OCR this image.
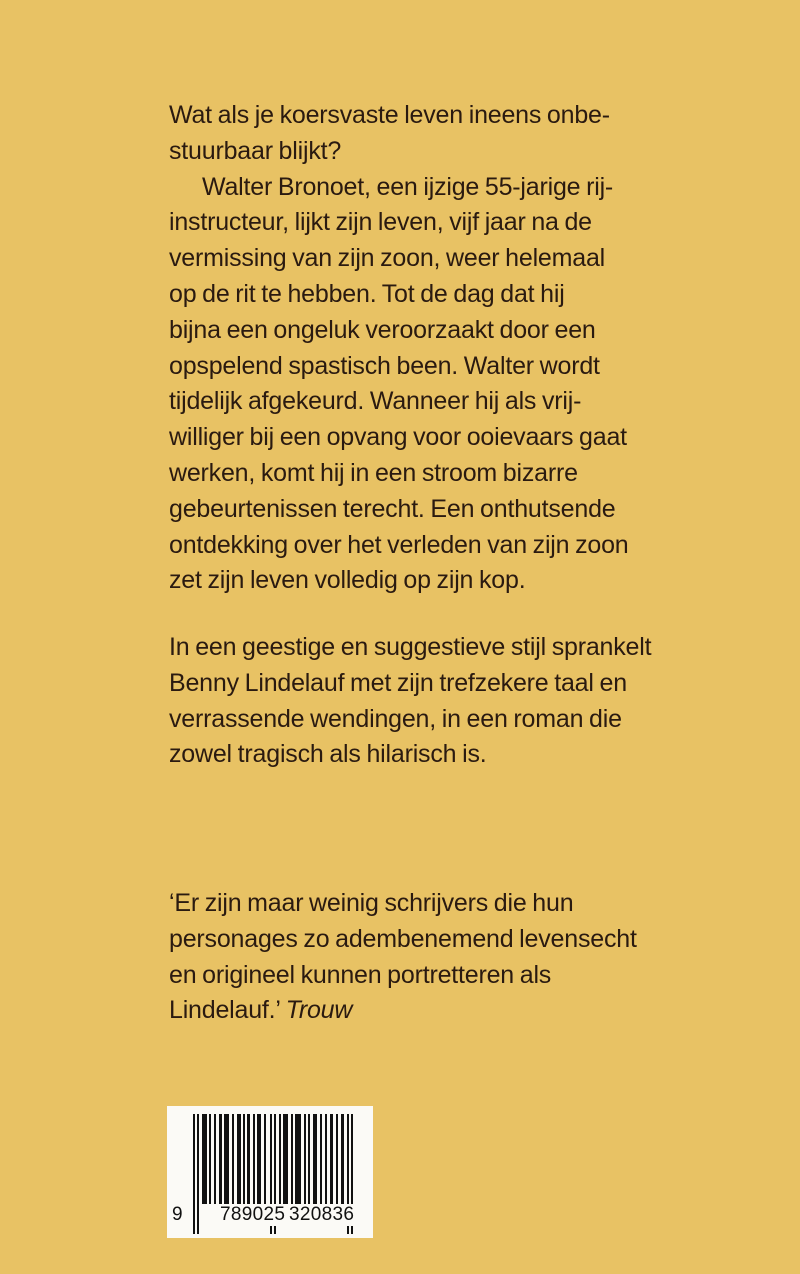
Wat als je koersvaste leven ineens onbe-
stuurbaar blijkt?

Walter Bronoet, een ijzige 55-jarige rij-
instructeur, lijkt zijn leven, vijf jaar na de
vermissing van zijn zoon, weer helemaal
op de rit te hebben. Tot de dag dat hij
bijna een ongeluk veroorzaakt door een
opspelend spastisch been. Walter wordt
tijdelijk afgekeurd. Wanneer hij als vrij-
williger bij een opvang voor ooievaars gaat
werken, komt hij in een stroom bizarre
gebeurtenissen terecht. Een onthutsende
ontdekking over het verleden van zijn zoon
zet zijn leven volledig op zijn kop.

In een geestige en suggestieve stijl sprankelt
Benny Lindelauf met zijn trefzekere taal en
verrassende wendingen, in een roman die
zowel tragisch als hilarisch is.
‘Er zijn maar weinig schrijvers die hun
personages zo adembenemend levensecht
en origineel kunnen portretteren als
Lindelauf.’ Trouw
9 789025 320836
